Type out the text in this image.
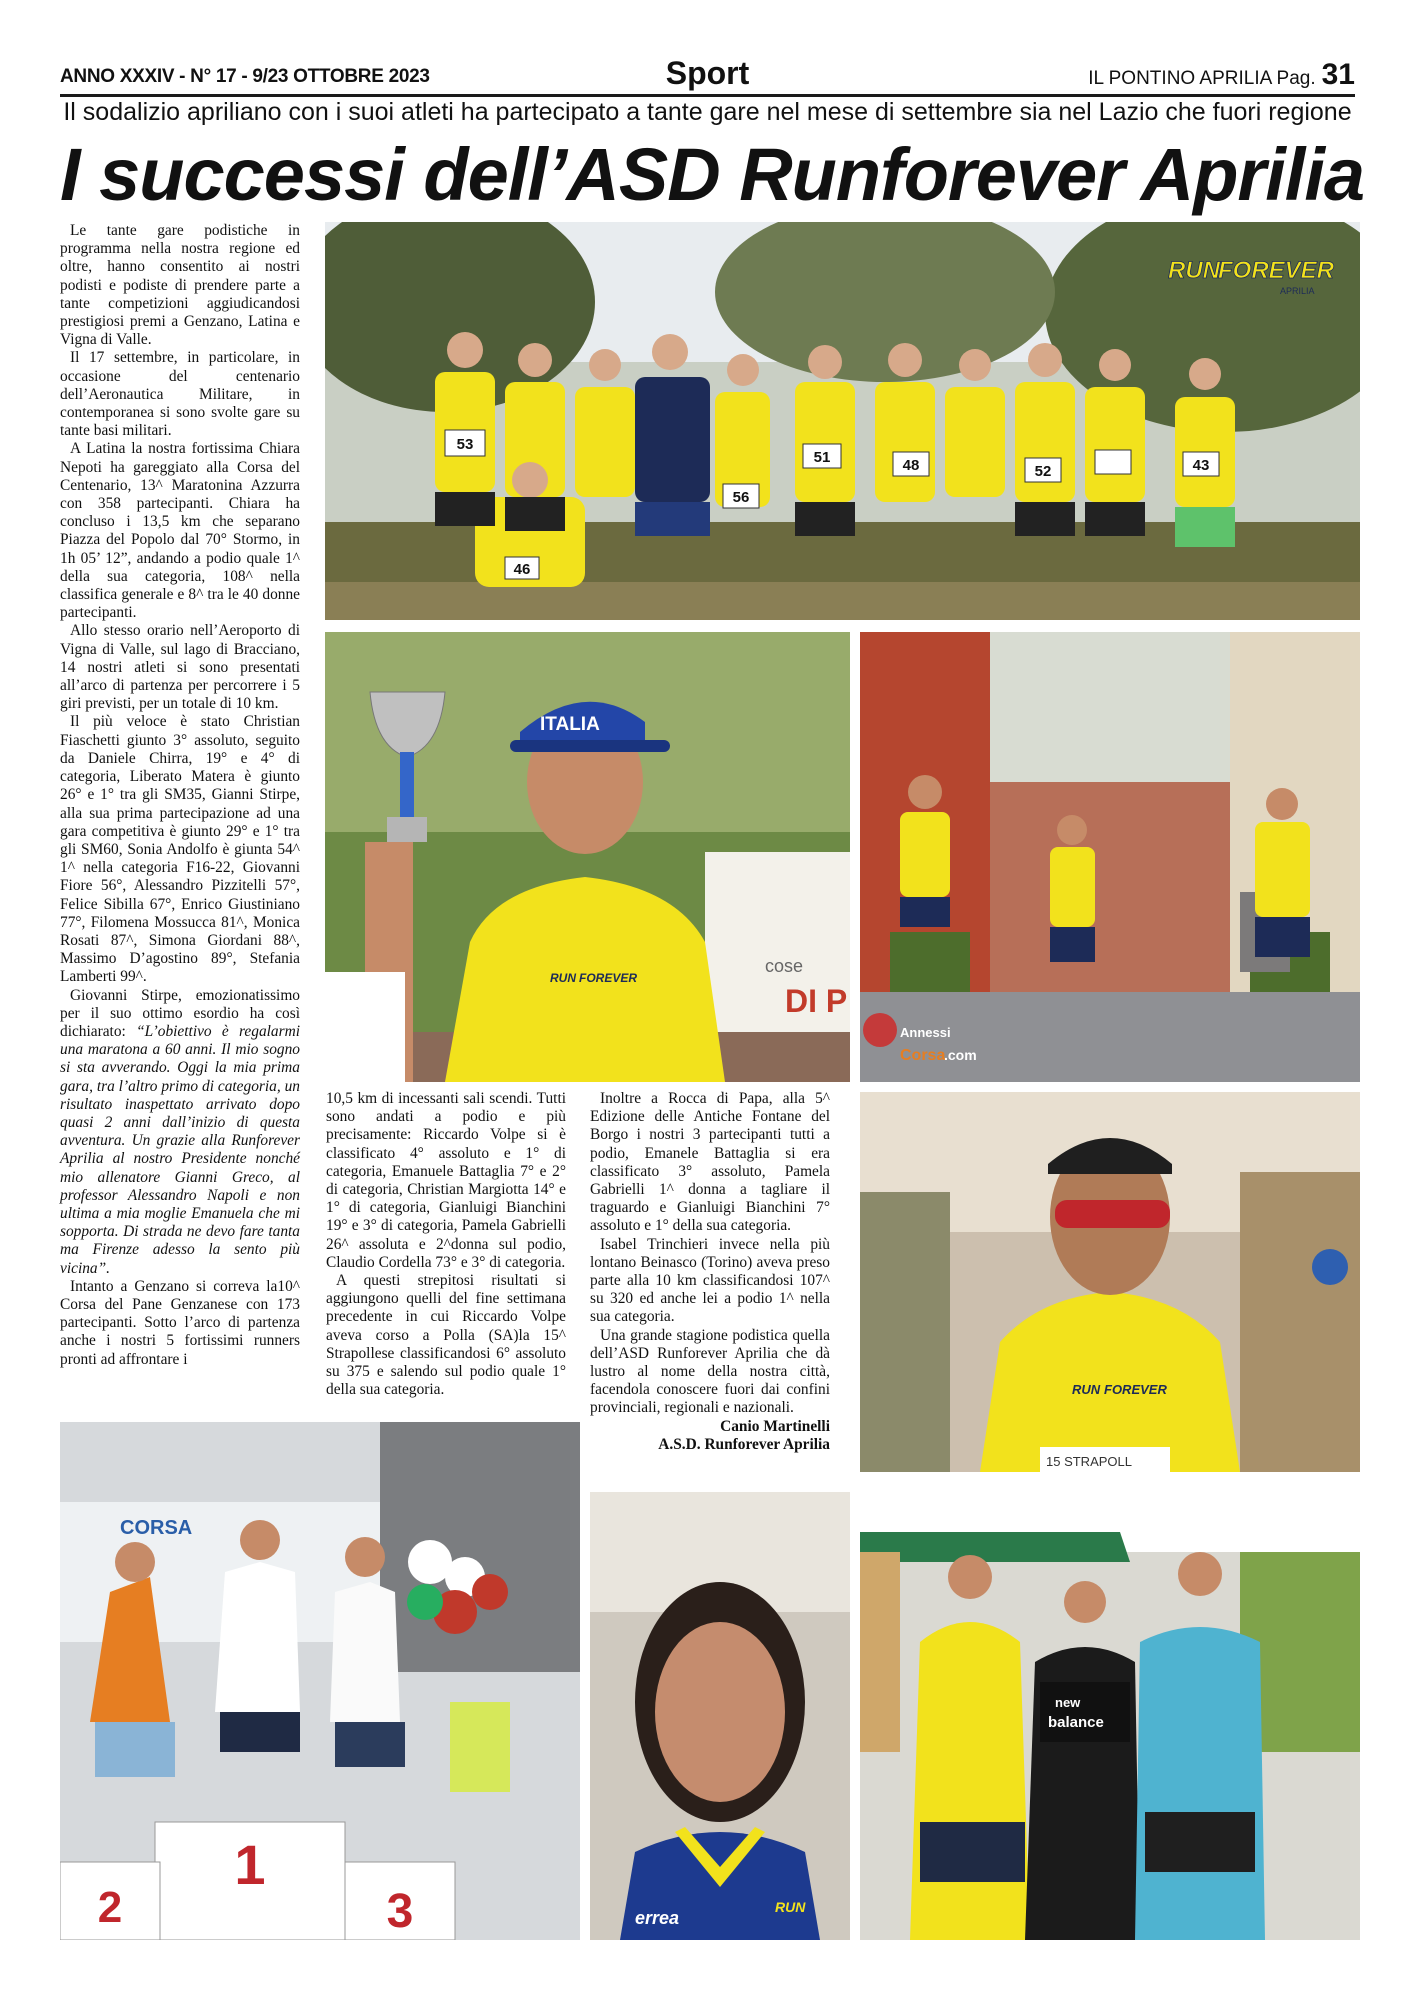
ANNO XXXIV - N° 17 - 9/23 OTTOBRE 2023	Sport	IL PONTINO APRILIA Pag. 31
Il sodalizio apriliano con i suoi atleti ha partecipato a tante gare nel mese di settembre sia nel Lazio che fuori regione
I successi dell’ASD Runforever Aprilia

Le tante gare podistiche in programma nella nostra regione ed oltre, hanno consentito ai nostri podisti e podiste di prendere parte a tante competizioni aggiudicandosi prestigiosi premi a Genzano, Latina e Vigna di Valle.

Il 17 settembre, in particolare, in occasione del centenario dell’Aeronautica Militare, in contemporanea si sono svolte gare su tante basi militari.

A Latina la nostra fortissima Chiara Nepoti ha gareggiato alla Corsa del Centenario, 13^ Maratonina Azzurra con 358 partecipanti. Chiara ha concluso i 13,5 km che separano Piazza del Popolo dal 70° Stormo, in 1h 05’ 12”, andando a podio quale 1^ della sua categoria, 108^ nella classifica generale e 8^ tra le 40 donne partecipanti.

Allo stesso orario nell’Aeroporto di Vigna di Valle, sul lago di Bracciano, 14 nostri atleti si sono presentati all’arco di partenza per percorrere i 5 giri previsti, per un totale di 10 km.

Il più veloce è stato Christian Fiaschetti giunto 3° assoluto, seguito da Daniele Chirra, 19° e 4° di categoria, Liberato Matera è giunto 26° e 1° tra gli SM35, Gianni Stirpe, alla sua prima partecipazione ad una gara competitiva è giunto 29° e 1° tra gli SM60, Sonia Andolfo è giunta 54^ 1^ nella categoria F16-22, Giovanni Fiore 56°, Alessandro Pizzitelli 57°, Felice Sibilla 67°, Enrico Giustiniano 77°, Filomena Mossucca 81^, Monica Rosati 87^, Simona Giordani 88^, Massimo D’agostino 89°, Stefania Lamberti 99^.

Giovanni Stirpe, emozionatissimo per il suo ottimo esordio ha così dichiarato: “L’obiettivo è regalarmi una maratona a 60 anni. Il mio sogno si sta avverando. Oggi la mia prima gara, tra l’altro primo di categoria, un risultato inaspettato arrivato dopo quasi 2 anni dall’inizio di questa avventura. Un grazie alla Runforever Aprilia al nostro Presidente nonché mio allenatore Gianni Greco, al professor Alessandro Napoli e non ultima a mia moglie Emanuela che mi sopporta. Di strada ne devo fare tanta ma Firenze adesso la sento più vicina”.

Intanto a Genzano si correva la10^ Corsa del Pane Genzanese con 173 partecipanti. Sotto l’arco di partenza anche i nostri 5 fortissimi runners pronti ad affrontare i

10,5 km di incessanti sali scendi. Tutti sono andati a podio e più precisamente: Riccardo Volpe si è classificato 4° assoluto e 1° di categoria, Emanuele Battaglia 7° e 2° di categoria, Christian Margiotta 14° e 1° di categoria, Gianluigi Bianchini 19° e 3° di categoria, Pamela Gabrielli 26^ assoluta e 2^donna sul podio, Claudio Cordella 73° e 3° di categoria.

A questi strepitosi risultati si aggiungono quelli del fine settimana precedente in cui Riccardo Volpe aveva corso a Polla (SA)la 15^ Strapollese classificandosi 6° assoluto su 375 e salendo sul podio quale 1° della sua categoria.

Inoltre a Rocca di Papa, alla 5^ Edizione delle Antiche Fontane del Borgo i nostri 3 partecipanti tutti a podio, Emanele Battaglia si era classificato 3° assoluto, Pamela Gabrielli 1^ donna a tagliare il traguardo e Gianluigi Bianchini 7° assoluto e 1° della sua categoria.

Isabel Trinchieri invece nella più lontano Beinasco (Torino) aveva preso parte alla 10 km classificandosi 107^ su 320 ed anche lei a podio 1^ nella sua categoria.

Una grande stagione podistica quella dell’ASD Runforever Aprilia che dà lustro al nome della nostra città, facendola conoscere fuori dai confini provinciali, regionali e nazionali.

Canio Martinelli

A.S.D. Runforever Aprilia

53
56
51	48	52	43
46
RUN
FOREVER
APRILIA
cose
DI P
ITALIA
RUN FOREVER
Annessi
Corsa
.com
RUN FOREVER
15 STRAPOLL
CORSA
2
1
3	errea
RUN
new
balance
